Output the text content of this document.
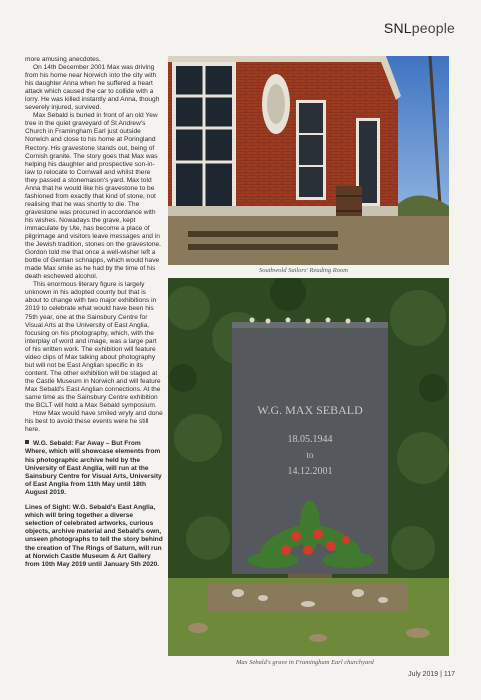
SNLpeople

more amusing anecdotes.

On 14th December 2001 Max was driving from his home near Norwich into the city with his daughter Anna when he suffered a heart attack which caused the car to collide with a lorry. He was killed instantly and Anna, though severely injured, survived.

Max Sebald is buried in front of an old Yew tree in the quiet graveyard of St Andrew's Church in Framingham Earl just outside Norwich and close to his home at Poringland Rectory. His gravestone stands out, being of Cornish granite. The story goes that Max was helping his daughter and prospective son-in-law to relocate to Cornwall and whilst there they passed a stonemason's yard. Max told Anna that he would like his gravestone to be fashioned from exactly that kind of stone, not realising that he was shortly to die. The gravestone was procured in accordance with his wishes. Nowadays the grave, kept immaculate by Ute, has become a place of pilgrimage and visitors leave messages and in the Jewish tradition, stones on the gravestone. Gordon told me that once a well-wisher left a bottle of Gentian schnapps, which would have made Max smile as he had by the time of his death eschewed alcohol.

This enormous literary figure is largely unknown in his adopted county but that is about to change with two major exhibitions in 2019 to celebrate what would have been his 75th year, one at the Sainsbury Centre for Visual Arts at the University of East Anglia, focusing on his photography, which, with the interplay of word and image, was a large part of his written work. The exhibition will feature video clips of Max talking about photography but will not be East Anglian specific in its content. The other exhibition will be staged at the Castle Museum in Norwich and will feature Max Sebald's East Anglian connections. At the same time as the Sainsbury Centre exhibition the BCLT will hold a Max Sebald symposium.

How Max would have smiled wryly and done his best to avoid these events were he still here.

W.G. Sebald: Far Away – But From Where, which will showcase elements from his photographic archive held by the University of East Anglia, will run at the Sainsbury Centre for Visual Arts, University of East Anglia from 11th May until 18th August 2019.

Lines of Sight: W.G. Sebald's East Anglia, which will bring together a diverse selection of celebrated artworks, curious objects, archive material and Sebald's own, unseen photographs to tell the story behind the creation of The Rings of Saturn, will run at Norwich Castle Museum & Art Gallery from 10th May 2019 until January 5th 2020.

Southwold Sailors' Reading Room
W.G. MAX SEBALD
18.05.1944
to
14.12.2001
Max Sebald's grave in Framingham Earl churchyard
July 2019 | 117
